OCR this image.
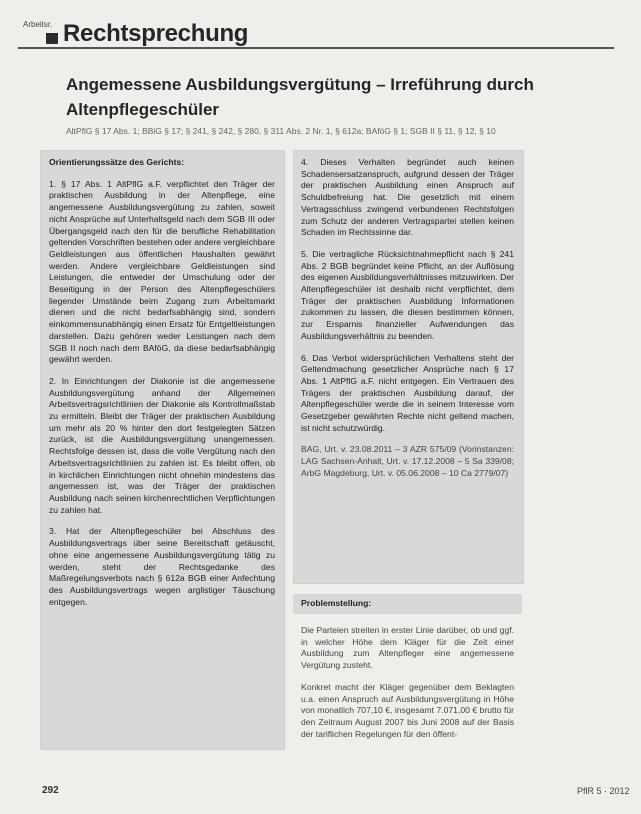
Arbeitsr. Rechtsprechung
Angemessene Ausbildungsvergütung – Irreführung durch Altenpflegeschüler
AltPflG § 17 Abs. 1; BBiG § 17; § 241, § 242, § 280, § 311 Abs. 2 Nr. 1, § 612a; BAföG § 1; SGB II § 11, § 12, § 10

Orientierungssätze des Gerichts:

1. § 17 Abs. 1 AltPflG a.F. verpflichtet den Träger der praktischen Ausbildung in der Altenpflege, eine angemessene Ausbildungsvergütung zu zahlen, soweit nicht Ansprüche auf Unterhaltsgeld nach dem SGB III oder Übergangsgeld nach den für die berufliche Rehabilitation geltenden Vorschriften bestehen oder andere vergleichbare Geldleistungen aus öffentlichen Haushalten gewährt werden. Andere vergleichbare Geldleistungen sind Leistungen, die entweder der Umschulung oder der Beseitigung in der Person des Altenpflegeschülers liegender Umstände beim Zugang zum Arbeitsmarkt dienen und die nicht bedarfsabhängig sind, sondern einkommensunabhängig einen Ersatz für Entgeltleistungen darstellen. Dazu gehören weder Leistungen nach dem SGB II noch nach dem BAföG, da diese bedarfsabhängig gewährt werden.

2. In Einrichtungen der Diakonie ist die angemessene Ausbildungsvergütung anhand der Allgemeinen Arbeitsvertragsrichtlinien der Diakonie als Kontrollmaßstab zu ermitteln. Bleibt der Träger der praktischen Ausbildung um mehr als 20 % hinter den dort festgelegten Sätzen zurück, ist die Ausbildungsvergütung unangemessen. Rechtsfolge dessen ist, dass die volle Vergütung nach den Arbeitsvertragsrichtlinien zu zahlen ist. Es bleibt offen, ob in kirchlichen Einrichtungen nicht ohnehin mindestens das angemessen ist, was der Träger der praktischen Ausbildung nach seinen kirchenrechtlichen Verpflichtungen zu zahlen hat.

3. Hat der Altenpflegeschüler bei Abschluss des Ausbildungsvertrags über seine Bereitschaft getäuscht, ohne eine angemessene Ausbildungsvergütung tätig zu werden, steht der Rechtsgedanke des Maßregelungsverbots nach § 612a BGB einer Anfechtung des Ausbildungsvertrags wegen arglistiger Täuschung entgegen.

4. Dieses Verhalten begründet auch keinen Schadensersatzanspruch, aufgrund dessen der Träger der praktischen Ausbildung einen Anspruch auf Schuldbefreiung hat. Die gesetzlich mit einem Vertragsschluss zwingend verbundenen Rechtsfolgen zum Schutz der anderen Vertragspartei stellen keinen Schaden im Rechtssinne dar.

5. Die vertragliche Rücksichtnahmepflicht nach § 241 Abs. 2 BGB begründet keine Pflicht, an der Auflösung des eigenen Ausbildungsverhältnisses mitzuwirken. Der Altenpflegeschüler ist deshalb nicht verpflichtet, dem Träger der praktischen Ausbildung Informationen zukommen zu lassen, die diesen bestimmen können, zur Ersparnis finanzieller Aufwendungen das Ausbildungsverhältnis zu beenden.

6. Das Verbot widersprüchlichen Verhaltens steht der Geltendmachung gesetzlicher Ansprüche nach § 17 Abs. 1 AltPflG a.F. nicht entgegen. Ein Vertrauen des Trägers der praktischen Ausbildung darauf, der Altenpflegeschüler werde die in seinem Interesse vom Gesetzgeber gewährten Rechte nicht geltend machen, ist nicht schutzwürdig.

BAG, Urt. v. 23.08.2011 – 3 AZR 575/09 (Vorinstanzen: LAG Sachsen-Anhalt, Urt. v. 17.12.2008 – 5 Sa 339/08; ArbG Magdeburg, Urt. v. 05.06.2008 – 10 Ca 2779/07)

Problemstellung:

Die Parteien streiten in erster Linie darüber, ob und ggf. in welcher Höhe dem Kläger für die Zeit einer Ausbildung zum Altenpfleger eine angemessene Vergütung zusteht.

Konkret macht der Kläger gegenüber dem Beklagten u.a. einen Anspruch auf Ausbildungsvergütung in Höhe von monatlich 707,10 €, insgesamt 7.071,00 € brutto für den Zeitraum August 2007 bis Juni 2008 auf der Basis der tariflichen Regelungen für den öffent-

292	PflR 5 · 2012
